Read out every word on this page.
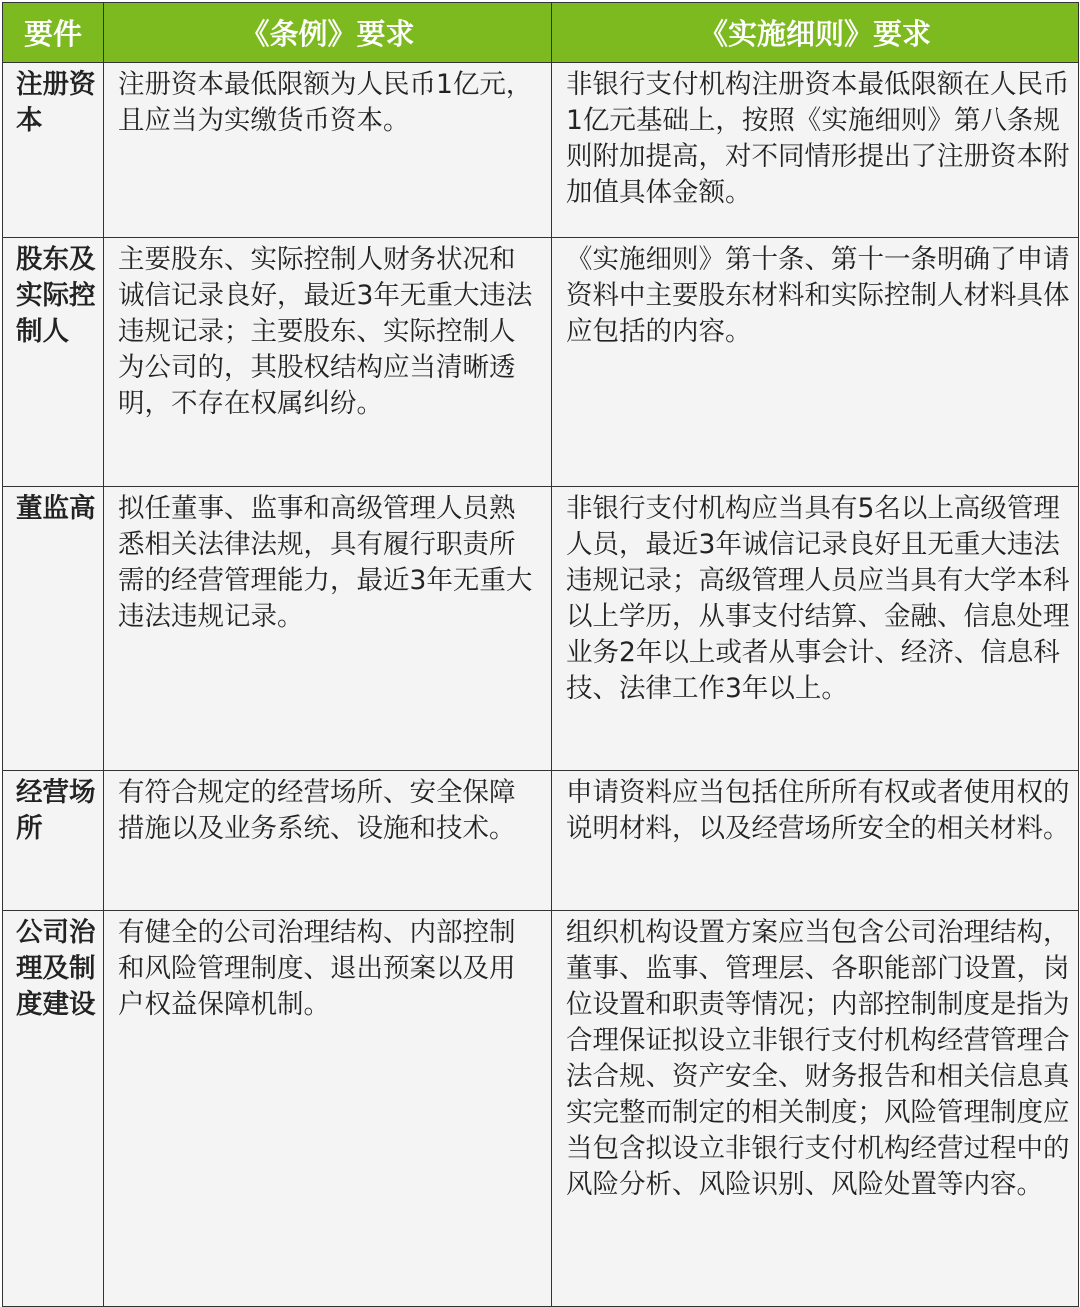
要件	《条例》要求	《实施细则》要求
注册资本	注册资本最低限额为人民币1亿元，且应当为实缴货币资本。	非银行支付机构注册资本最低限额在人民币1亿元基础上，按照《实施细则》第八条规则附加提高，对不同情形提出了注册资本附加值具体金额。
股东及实际控制人	主要股东、实际控制人财务状况和诚信记录良好，最近3年无重大违法违规记录；主要股东、实际控制人为公司的，其股权结构应当清晰透明，不存在权属纠纷。	《实施细则》第十条、第十一条明确了申请资料中主要股东材料和实际控制人材料具体应包括的内容。
董监高	拟任董事、监事和高级管理人员熟悉相关法律法规，具有履行职责所需的经营管理能力，最近3年无重大违法违规记录。	非银行支付机构应当具有5名以上高级管理人员，最近3年诚信记录良好且无重大违法违规记录；高级管理人员应当具有大学本科以上学历，从事支付结算、金融、信息处理业务2年以上或者从事会计、经济、信息科技、法律工作3年以上。
经营场所	有符合规定的经营场所、安全保障措施以及业务系统、设施和技术。	申请资料应当包括住所所有权或者使用权的说明材料，以及经营场所安全的相关材料。
公司治理及制度建设	有健全的公司治理结构、内部控制和风险管理制度、退出预案以及用户权益保障机制。	组织机构设置方案应当包含公司治理结构，董事、监事、管理层、各职能部门设置，岗位设置和职责等情况；内部控制制度是指为合理保证拟设立非银行支付机构经营管理合法合规、资产安全、财务报告和相关信息真实完整而制定的相关制度；风险管理制度应当包含拟设立非银行支付机构经营过程中的风险分析、风险识别、风险处置等内容。
